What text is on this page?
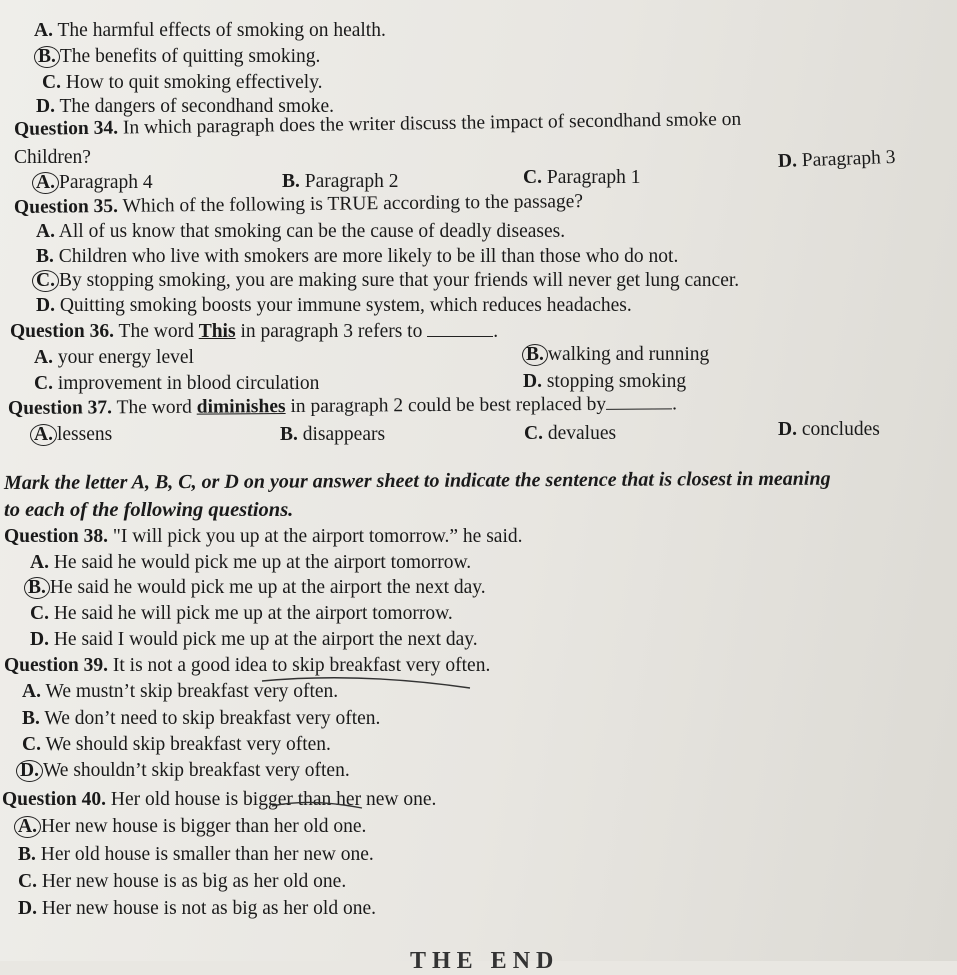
A. The harmful effects of smoking on health.
B. The benefits of quitting smoking.
C. How to quit smoking effectively.
D. The dangers of secondhand smoke.
Question 34. In which paragraph does the writer discuss the impact of secondhand smoke on
Children?
A. Paragraph 4	B. Paragraph 2	C. Paragraph 1
D. Paragraph 3
Question 35. Which of the following is TRUE according to the passage?
A. All of us know that smoking can be the cause of deadly diseases.
B. Children who live with smokers are more likely to be ill than those who do not.
C. By stopping smoking, you are making sure that your friends will never get lung cancer.
D. Quitting smoking boosts your immune system, which reduces headaches.
Question 36. The word This in paragraph 3 refers to	.
A. your energy level	B. walking and running
C. improvement in blood circulation	D. stopping smoking
Question 37. The word diminishes in paragraph 2 could be best replaced by	.
A. lessens	B. disappears	C. devalues	D. concludes
Mark the letter A, B, C, or D on your answer sheet to indicate the sentence that is closest in meaning
to each of the following questions.
Question 38. "I will pick you up at the airport tomorrow.” he said.
A. He said he would pick me up at the airport tomorrow.
B. He said he would pick me up at the airport the next day.
C. He said he will pick me up at the airport tomorrow.
D. He said I would pick me up at the airport the next day.
Question 39. It is not a good idea to skip breakfast very often.
A. We mustn’t skip breakfast very often.
B. We don’t need to skip breakfast very often.
C. We should skip breakfast very often.
D. We shouldn’t skip breakfast very often.
Question 40. Her old house is bigger than her new one.
A. Her new house is bigger than her old one.
B. Her old house is smaller than her new one.
C. Her new house is as big as her old one.
D. Her new house is not as big as her old one.
THE END
